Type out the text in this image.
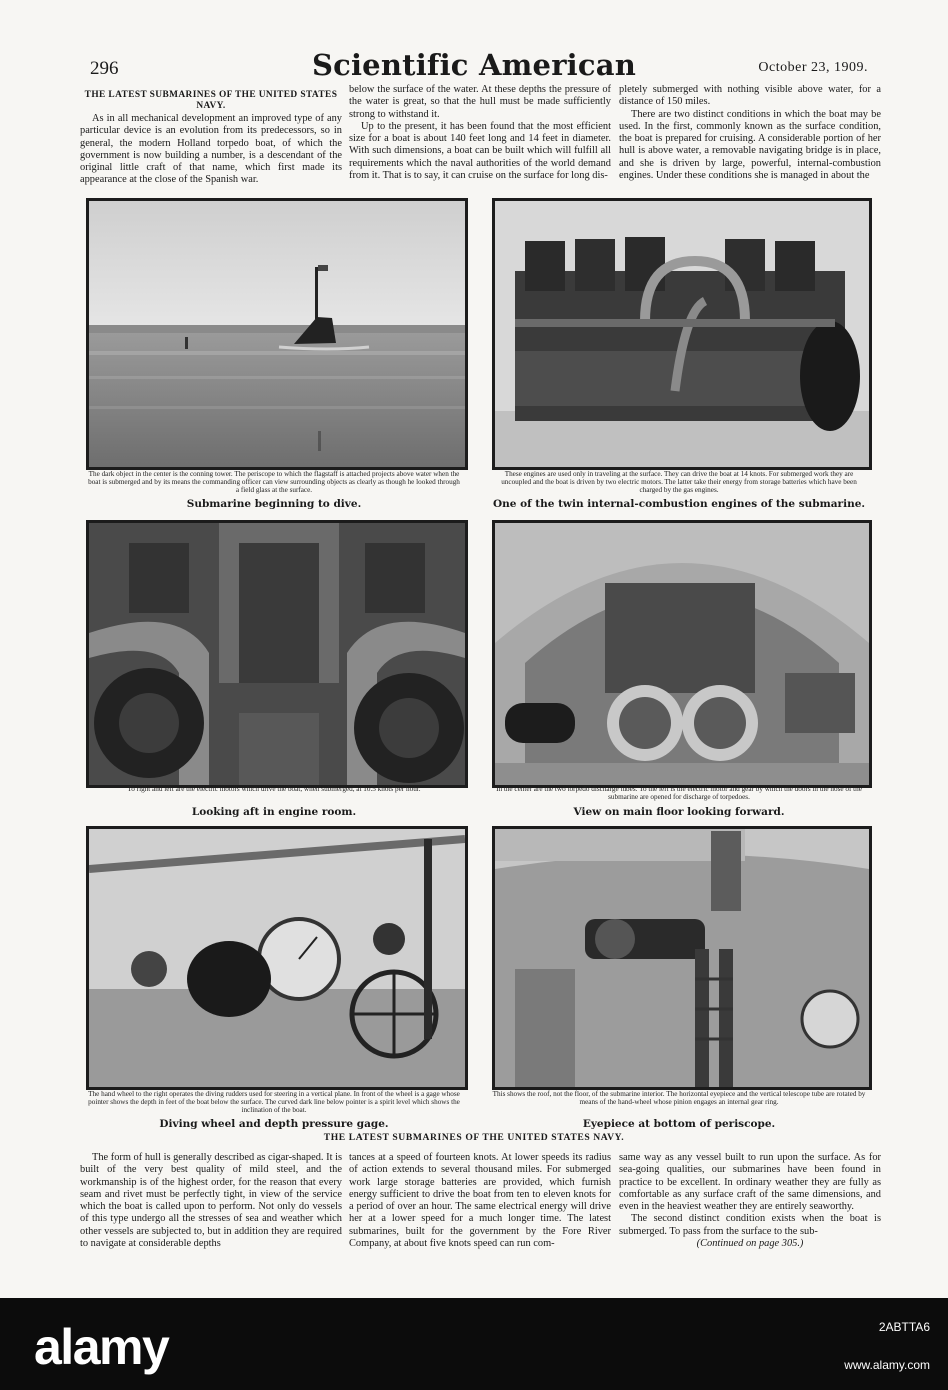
296	Scientific American	October 23, 1909.

THE LATEST SUBMARINES OF THE UNITED STATES NAVY.

As in all mechanical development an improved type of any particular device is an evolution from its predecessors, so in general, the modern Holland torpedo boat, of which the government is now building a number, is a descendant of the original little craft of that name, which first made its appearance at the close of the Spanish war.

below the surface of the water. At these depths the pressure of the water is great, so that the hull must be made sufficiently strong to withstand it.

Up to the present, it has been found that the most efficient size for a boat is about 140 feet long and 14 feet in diameter. With such dimensions, a boat can be built which will fulfill all requirements which the naval authorities of the world demand from it. That is to say, it can cruise on the surface for long dis-

pletely submerged with nothing visible above water, for a distance of 150 miles.

There are two distinct conditions in which the boat may be used. In the first, commonly known as the surface condition, the boat is prepared for cruising. A considerable portion of her hull is above water, a removable navigating bridge is in place, and she is driven by large, powerful, internal-combustion engines. Under these conditions she is managed in about the

The dark object in the center is the conning tower. The periscope to which the flagstaff is attached projects above water when the boat is submerged and by its means the commanding officer can view surrounding objects as clearly as though he looked through a field glass at the surface.
Submarine beginning to dive.
These engines are used only in traveling at the surface. They can drive the boat at 14 knots. For submerged work they are uncoupled and the boat is driven by two electric motors. The latter take their energy from storage batteries which have been charged by the gas engines.
One of the twin internal-combustion engines of the submarine.
To right and left are the electric motors which drive the boat, when submerged, at 10.5 knots per hour.
Looking aft in engine room.
In the center are the two torpedo discharge tubes. To the left is the electric motor and gear by which the doors in the nose of the submarine are opened for discharge of torpedoes.
View on main floor looking forward.
The hand wheel to the right operates the diving rudders used for steering in a vertical plane. In front of the wheel is a gage whose pointer shows the depth in feet of the boat below the surface. The curved dark line below pointer is a spirit level which shows the inclination of the boat.
Diving wheel and depth pressure gage.
This shows the roof, not the floor, of the submarine interior. The horizontal eyepiece and the vertical telescope tube are rotated by means of the hand-wheel whose pinion engages an internal gear ring.
Eyepiece at bottom of periscope.
THE LATEST SUBMARINES OF THE UNITED STATES NAVY.

The form of hull is generally described as cigar-shaped. It is built of the very best quality of mild steel, and the workmanship is of the highest order, for the reason that every seam and rivet must be perfectly tight, in view of the service which the boat is called upon to perform. Not only do vessels of this type undergo all the stresses of sea and weather which other vessels are subjected to, but in addition they are required to navigate at considerable depths

tances at a speed of fourteen knots. At lower speeds its radius of action extends to several thousand miles. For submerged work large storage batteries are provided, which furnish energy sufficient to drive the boat from ten to eleven knots for a period of over an hour. The same electrical energy will drive her at a lower speed for a much longer time. The latest submarines, built for the government by the Fore River Company, at about five knots speed can run com-

same way as any vessel built to run upon the surface. As for sea-going qualities, our submarines have been found in practice to be excellent. In ordinary weather they are fully as comfortable as any surface craft of the same dimensions, and even in the heaviest weather they are entirely seaworthy.

The second distinct condition exists when the boat is submerged. To pass from the surface to the sub-

(Continued on page 305.)

alamy	2ABTTA6
www.alamy.com
